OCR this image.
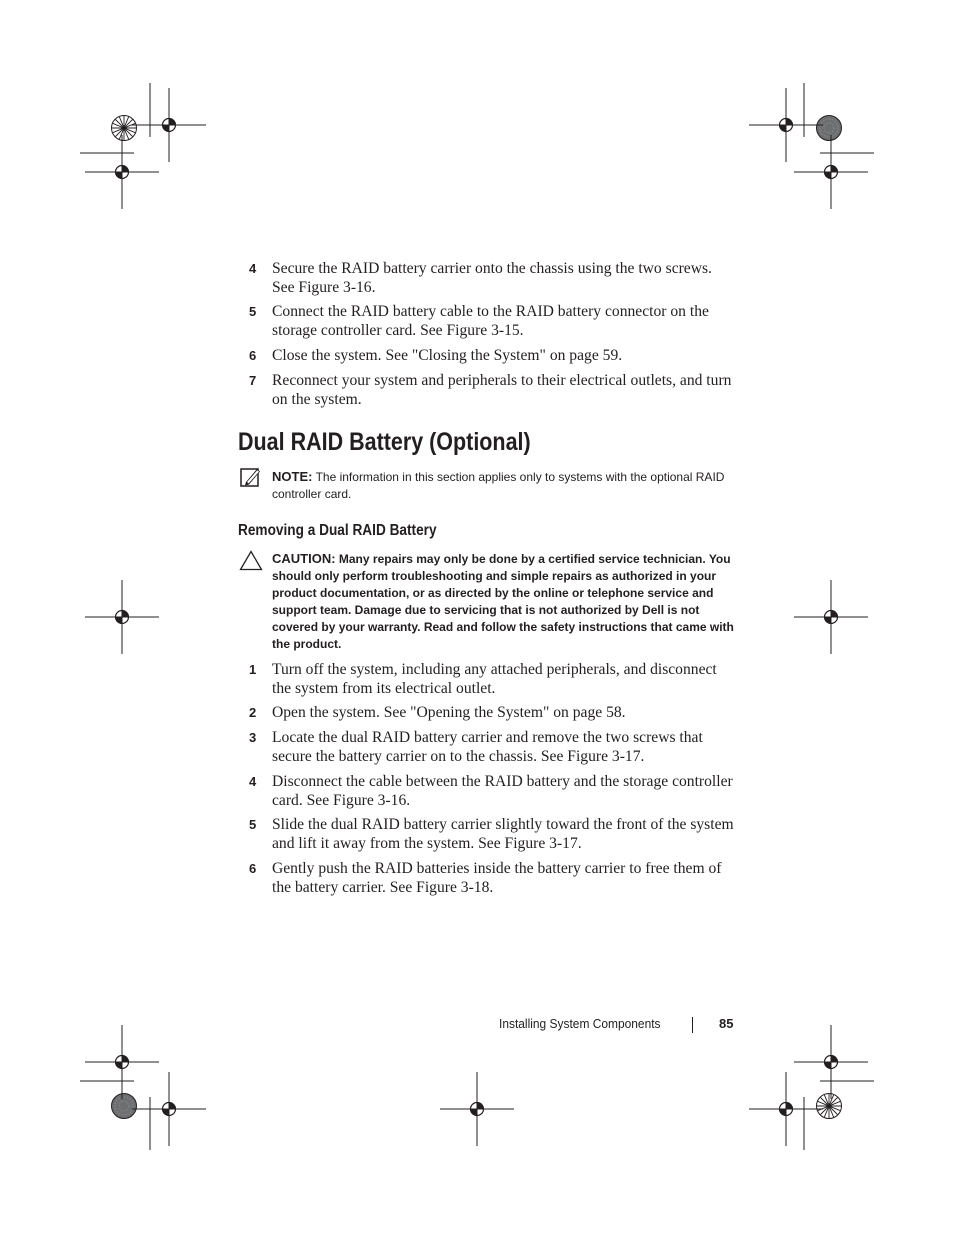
4 Secure the RAID battery carrier onto the chassis using the two screws. See Figure 3-16.
5 Connect the RAID battery cable to the RAID battery connector on the storage controller card. See Figure 3-15.
6 Close the system. See "Closing the System" on page 59.
7 Reconnect your system and peripherals to their electrical outlets, and turn on the system.
Dual RAID Battery (Optional)
NOTE: The information in this section applies only to systems with the optional RAID controller card.
Removing a Dual RAID Battery
CAUTION: Many repairs may only be done by a certified service technician. You should only perform troubleshooting and simple repairs as authorized in your product documentation, or as directed by the online or telephone service and support team. Damage due to servicing that is not authorized by Dell is not covered by your warranty. Read and follow the safety instructions that came with the product.
1 Turn off the system, including any attached peripherals, and disconnect the system from its electrical outlet.
2 Open the system. See "Opening the System" on page 58.
3 Locate the dual RAID battery carrier and remove the two screws that secure the battery carrier on to the chassis. See Figure 3-17.
4 Disconnect the cable between the RAID battery and the storage controller card. See Figure 3-16.
5 Slide the dual RAID battery carrier slightly toward the front of the system and lift it away from the system. See Figure 3-17.
6 Gently push the RAID batteries inside the battery carrier to free them of the battery carrier. See Figure 3-18.
Installing System Components	85
